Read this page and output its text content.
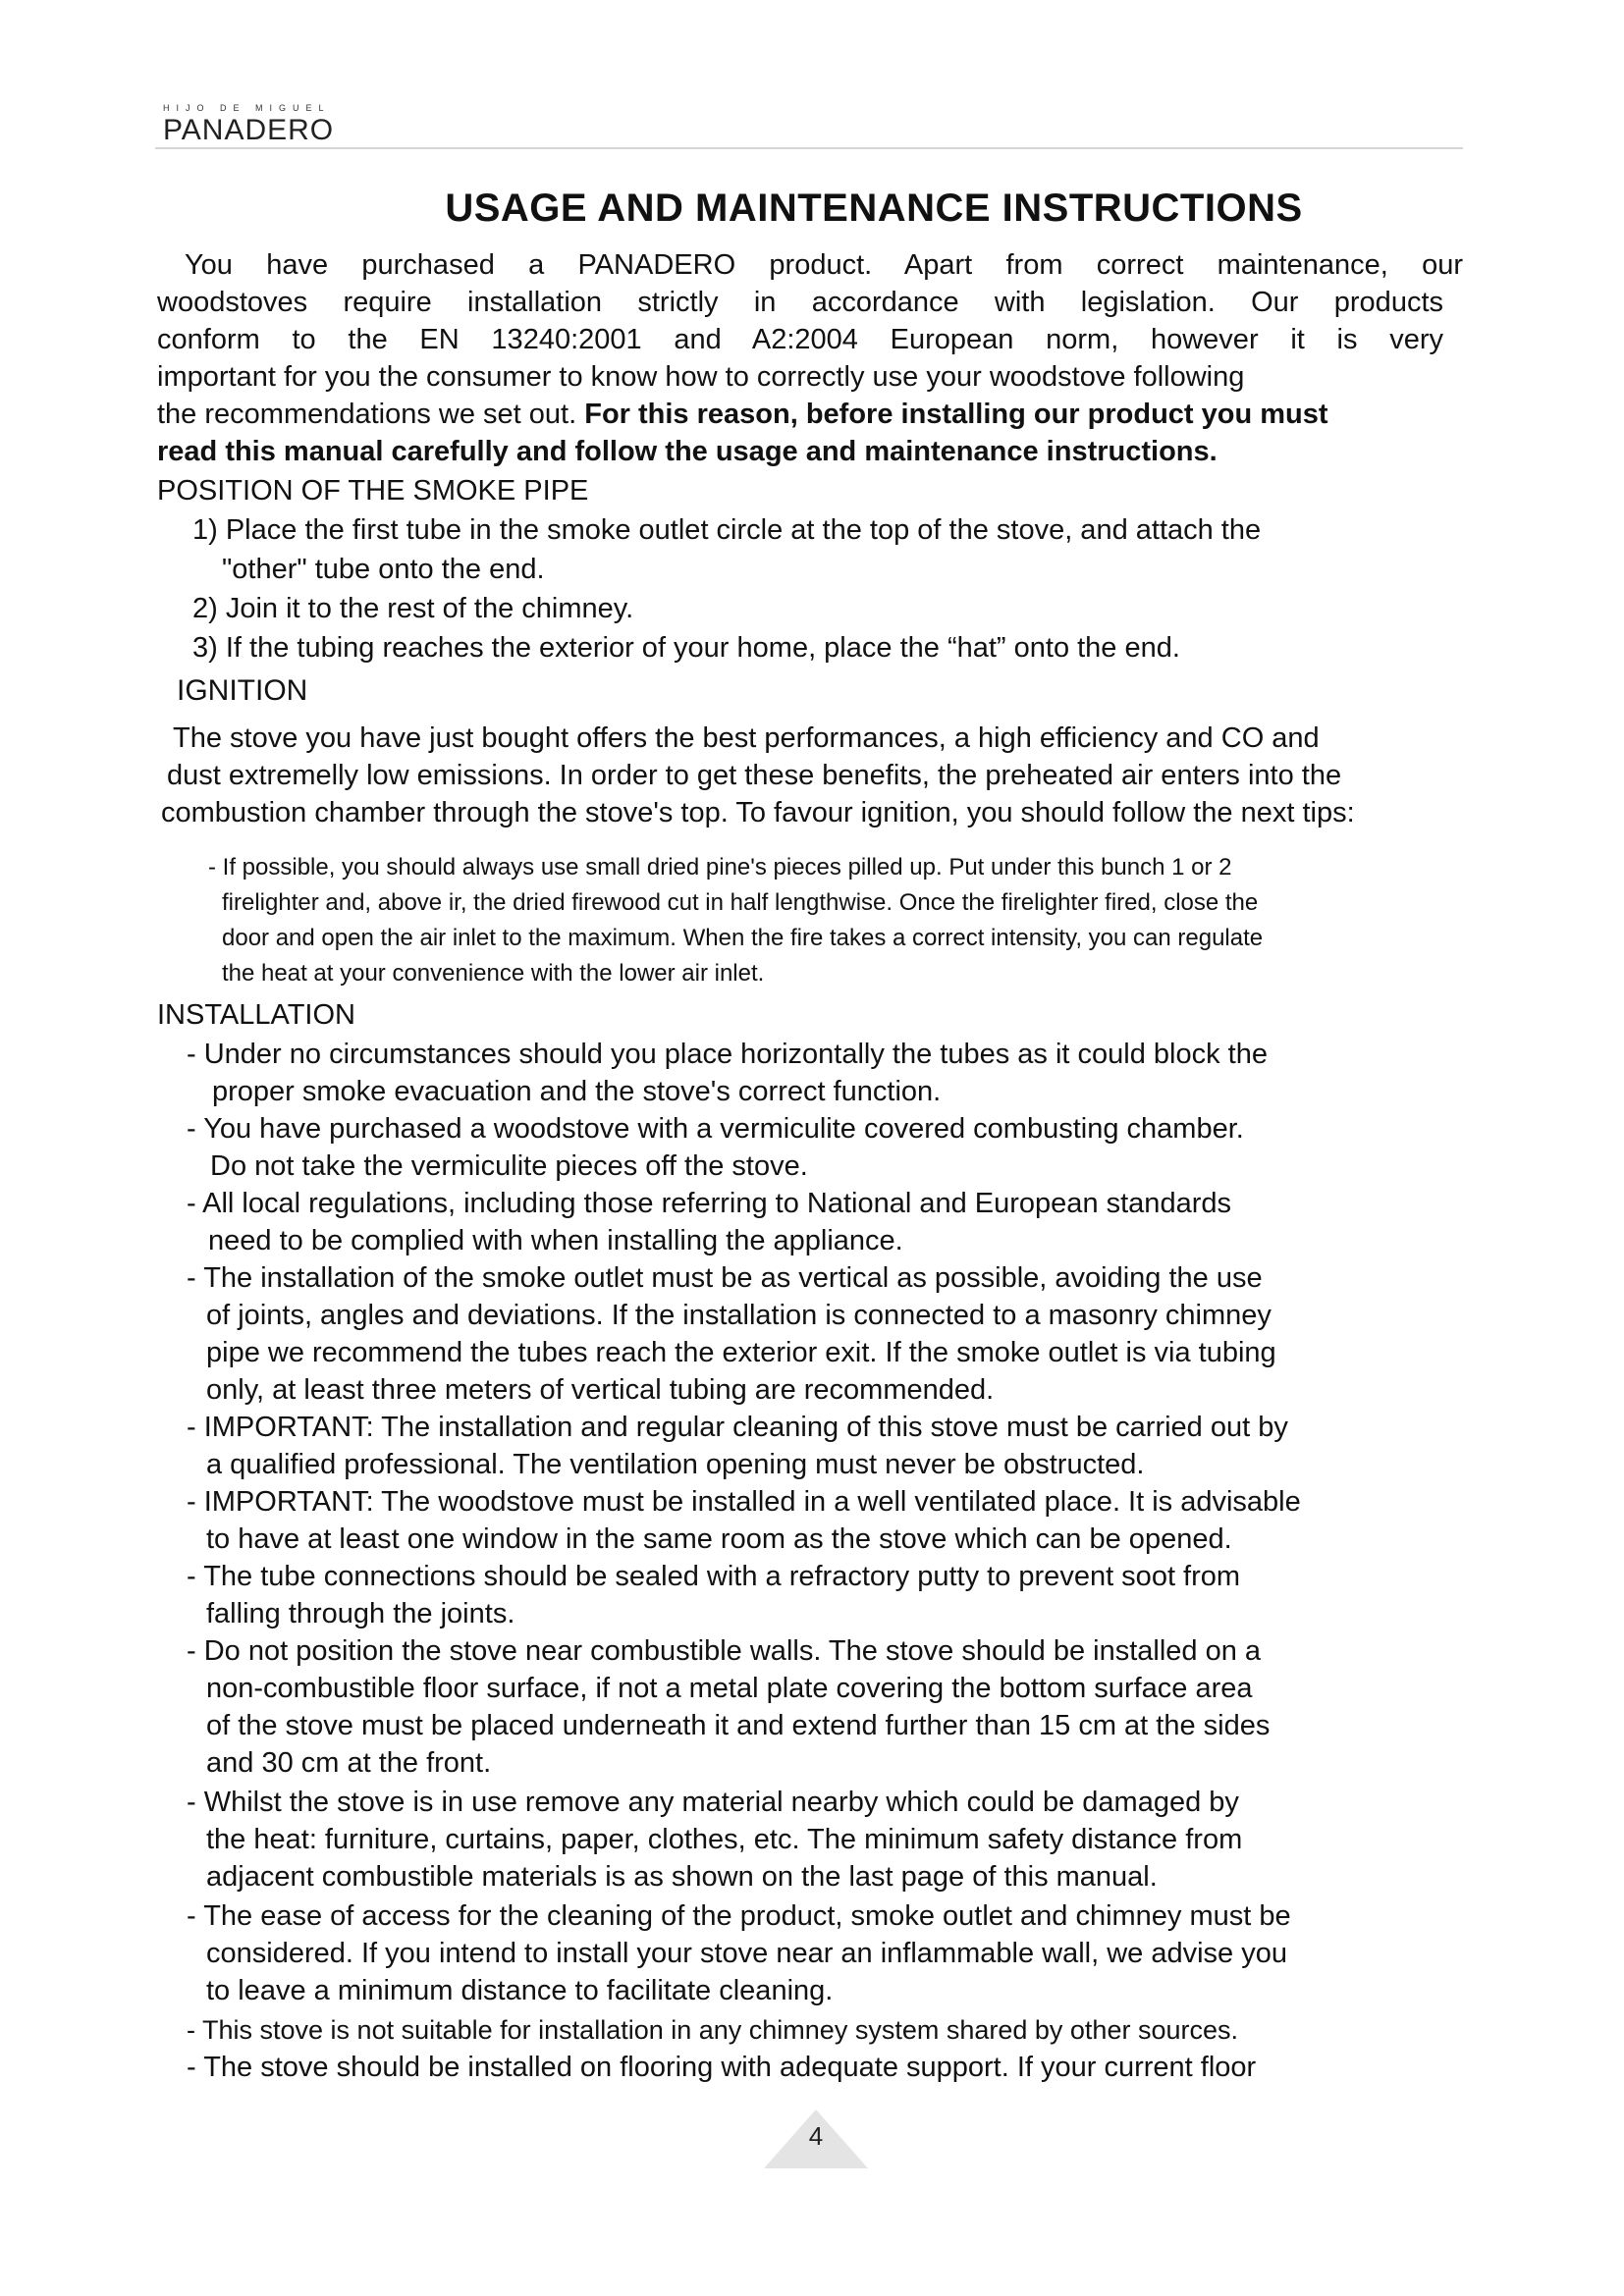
HIJO DE MIGUEL
PANADERO
USAGE AND MAINTENANCE INSTRUCTIONS
You have purchased a PANADERO product. Apart from correct maintenance, our
woodstoves require installation strictly in accordance with legislation. Our products
conform to the EN 13240:2001 and A2:2004 European norm, however it is very
important for you the consumer to know how to correctly use your woodstove following
the recommendations we set out. For this reason, before installing our product you must
read this manual carefully and follow the usage and maintenance instructions.
POSITION OF THE SMOKE PIPE
1) Place the first tube in the smoke outlet circle at the top of the stove, and attach the
"other" tube onto the end.
2) Join it to the rest of the chimney.
3) If the tubing reaches the exterior of your home, place the “hat” onto the end.
IGNITION
The stove you have just bought offers the best performances, a high efficiency and CO and
dust extremelly low emissions. In order to get these benefits, the preheated air enters into the
combustion chamber through the stove's top. To favour ignition, you should follow the next tips:
- If possible, you should always use small dried pine's pieces pilled up. Put under this bunch 1 or 2
firelighter and, above ir, the dried firewood cut in half lengthwise. Once the firelighter fired, close the
door and open the air inlet to the maximum. When the fire takes a correct intensity, you can regulate
the heat at your convenience with the lower air inlet.
INSTALLATION
- Under no circumstances should you place horizontally the tubes as it could block the
proper smoke evacuation and the stove's correct function.
- You have purchased a woodstove with a vermiculite covered combusting chamber.
Do not take the vermiculite pieces off the stove.
- All local regulations, including those referring to National and European standards
need to be complied with when installing the appliance.
- The installation of the smoke outlet must be as vertical as possible, avoiding the use
of joints, angles and deviations. If the installation is connected to a masonry chimney
pipe we recommend the tubes reach the exterior exit. If the smoke outlet is via tubing
only, at least three meters of vertical tubing are recommended.
- IMPORTANT: The installation and regular cleaning of this stove must be carried out by
a qualified professional. The ventilation opening must never be obstructed.
- IMPORTANT: The woodstove must be installed in a well ventilated place. It is advisable
to have at least one window in the same room as the stove which can be opened.
- The tube connections should be sealed with a refractory putty to prevent soot from
falling through the joints.
- Do not position the stove near combustible walls. The stove should be installed on a
non-combustible floor surface, if not a metal plate covering the bottom surface area
of the stove must be placed underneath it and extend further than 15 cm at the sides
and 30 cm at the front.
- Whilst the stove is in use remove any material nearby which could be damaged by
the heat: furniture, curtains, paper, clothes, etc. The minimum safety distance from
adjacent combustible materials is as shown on the last page of this manual.
- The ease of access for the cleaning of the product, smoke outlet and chimney must be
considered. If you intend to install your stove near an inflammable wall, we advise you
to leave a minimum distance to facilitate cleaning.
- This stove is not suitable for installation in any chimney system shared by other sources.
- The stove should be installed on flooring with adequate support. If your current floor
4
